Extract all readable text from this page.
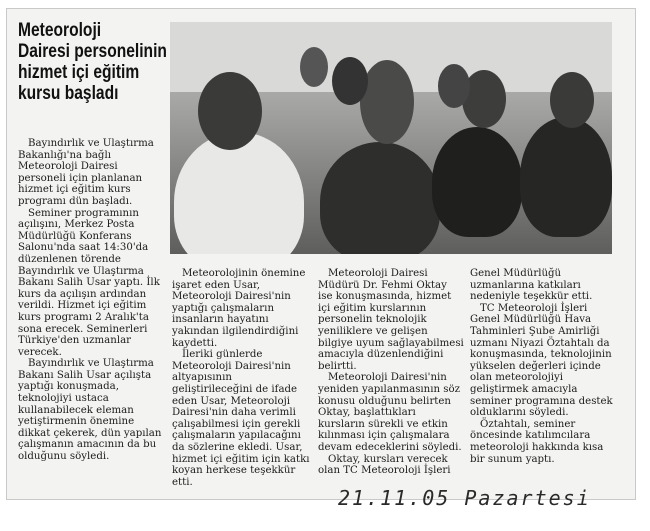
Meteoroloji
Dairesi personelinin
hizmet içi eğitim
kursu başladı

Bayındırlık ve Ulaştırma Bakanlığı'na bağlı Meteoroloji Dairesi personeli için planlanan hizmet içi eğitim kurs programı dün başladı.

Seminer programının açılışını, Merkez Posta Müdürlüğü Konferans Salonu'nda saat 14:30'da düzenlenen törende Bayındırlık ve Ulaştırma Bakanı Salih Usar yaptı. İlk kurs da açılışın ardından verildi. Hizmet içi eğitim kurs programı 2 Aralık'ta sona erecek. Seminerleri Türkiye'den uzmanlar verecek.

Bayındırlık ve Ulaştırma Bakanı Salih Usar açılışta yaptığı konuşmada, teknolojiyi ustaca kullanabilecek eleman yetiştirmenin önemine dikkat çekerek, dün yapılan çalışmanın amacının da bu olduğunu söyledi.

Meteorolojinin önemine işaret eden Usar, Meteoroloji Dairesi'nin yaptığı çalışmaların insanların hayatını yakından ilgilendirdiğini kaydetti.

İleriki günlerde Meteoroloji Dairesi'nin altyapısının geliştirileceğini de ifade eden Usar, Meteoroloji Dairesi'nin daha verimli çalışabilmesi için gerekli çalışmaların yapılacağını da sözlerine ekledi. Usar, hizmet içi eğitim için katkı koyan herkese teşekkür etti.

Meteoroloji Dairesi Müdürü Dr. Fehmi Oktay ise konuşmasında, hizmet içi eğitim kurslarının personelin teknolojik yeniliklere ve gelişen bilgiye uyum sağlayabilmesi amacıyla düzenlendiğini belirtti.

Meteoroloji Dairesi'nin yeniden yapılanmasının söz konusu olduğunu belirten Oktay, başlattıkları kursların sürekli ve etkin kılınması için çalışmalara devam edeceklerini söyledi.

Oktay, kursları verecek olan TC Meteoroloji İşleri

Genel Müdürlüğü uzmanlarına katkıları nedeniyle teşekkür etti.

TC Meteoroloji İşleri Genel Müdürlüğü Hava Tahminleri Şube Amirliği uzmanı Niyazi Öztahtalı da konuşmasında, teknolojinin yükselen değerleri içinde olan meteorolojiyi geliştirmek amacıyla seminer programına destek olduklarını söyledi.

Öztahtalı, seminer öncesinde katılımcılara meteoroloji hakkında kısa bir sunum yaptı.

21.11.05 Pazartesi
